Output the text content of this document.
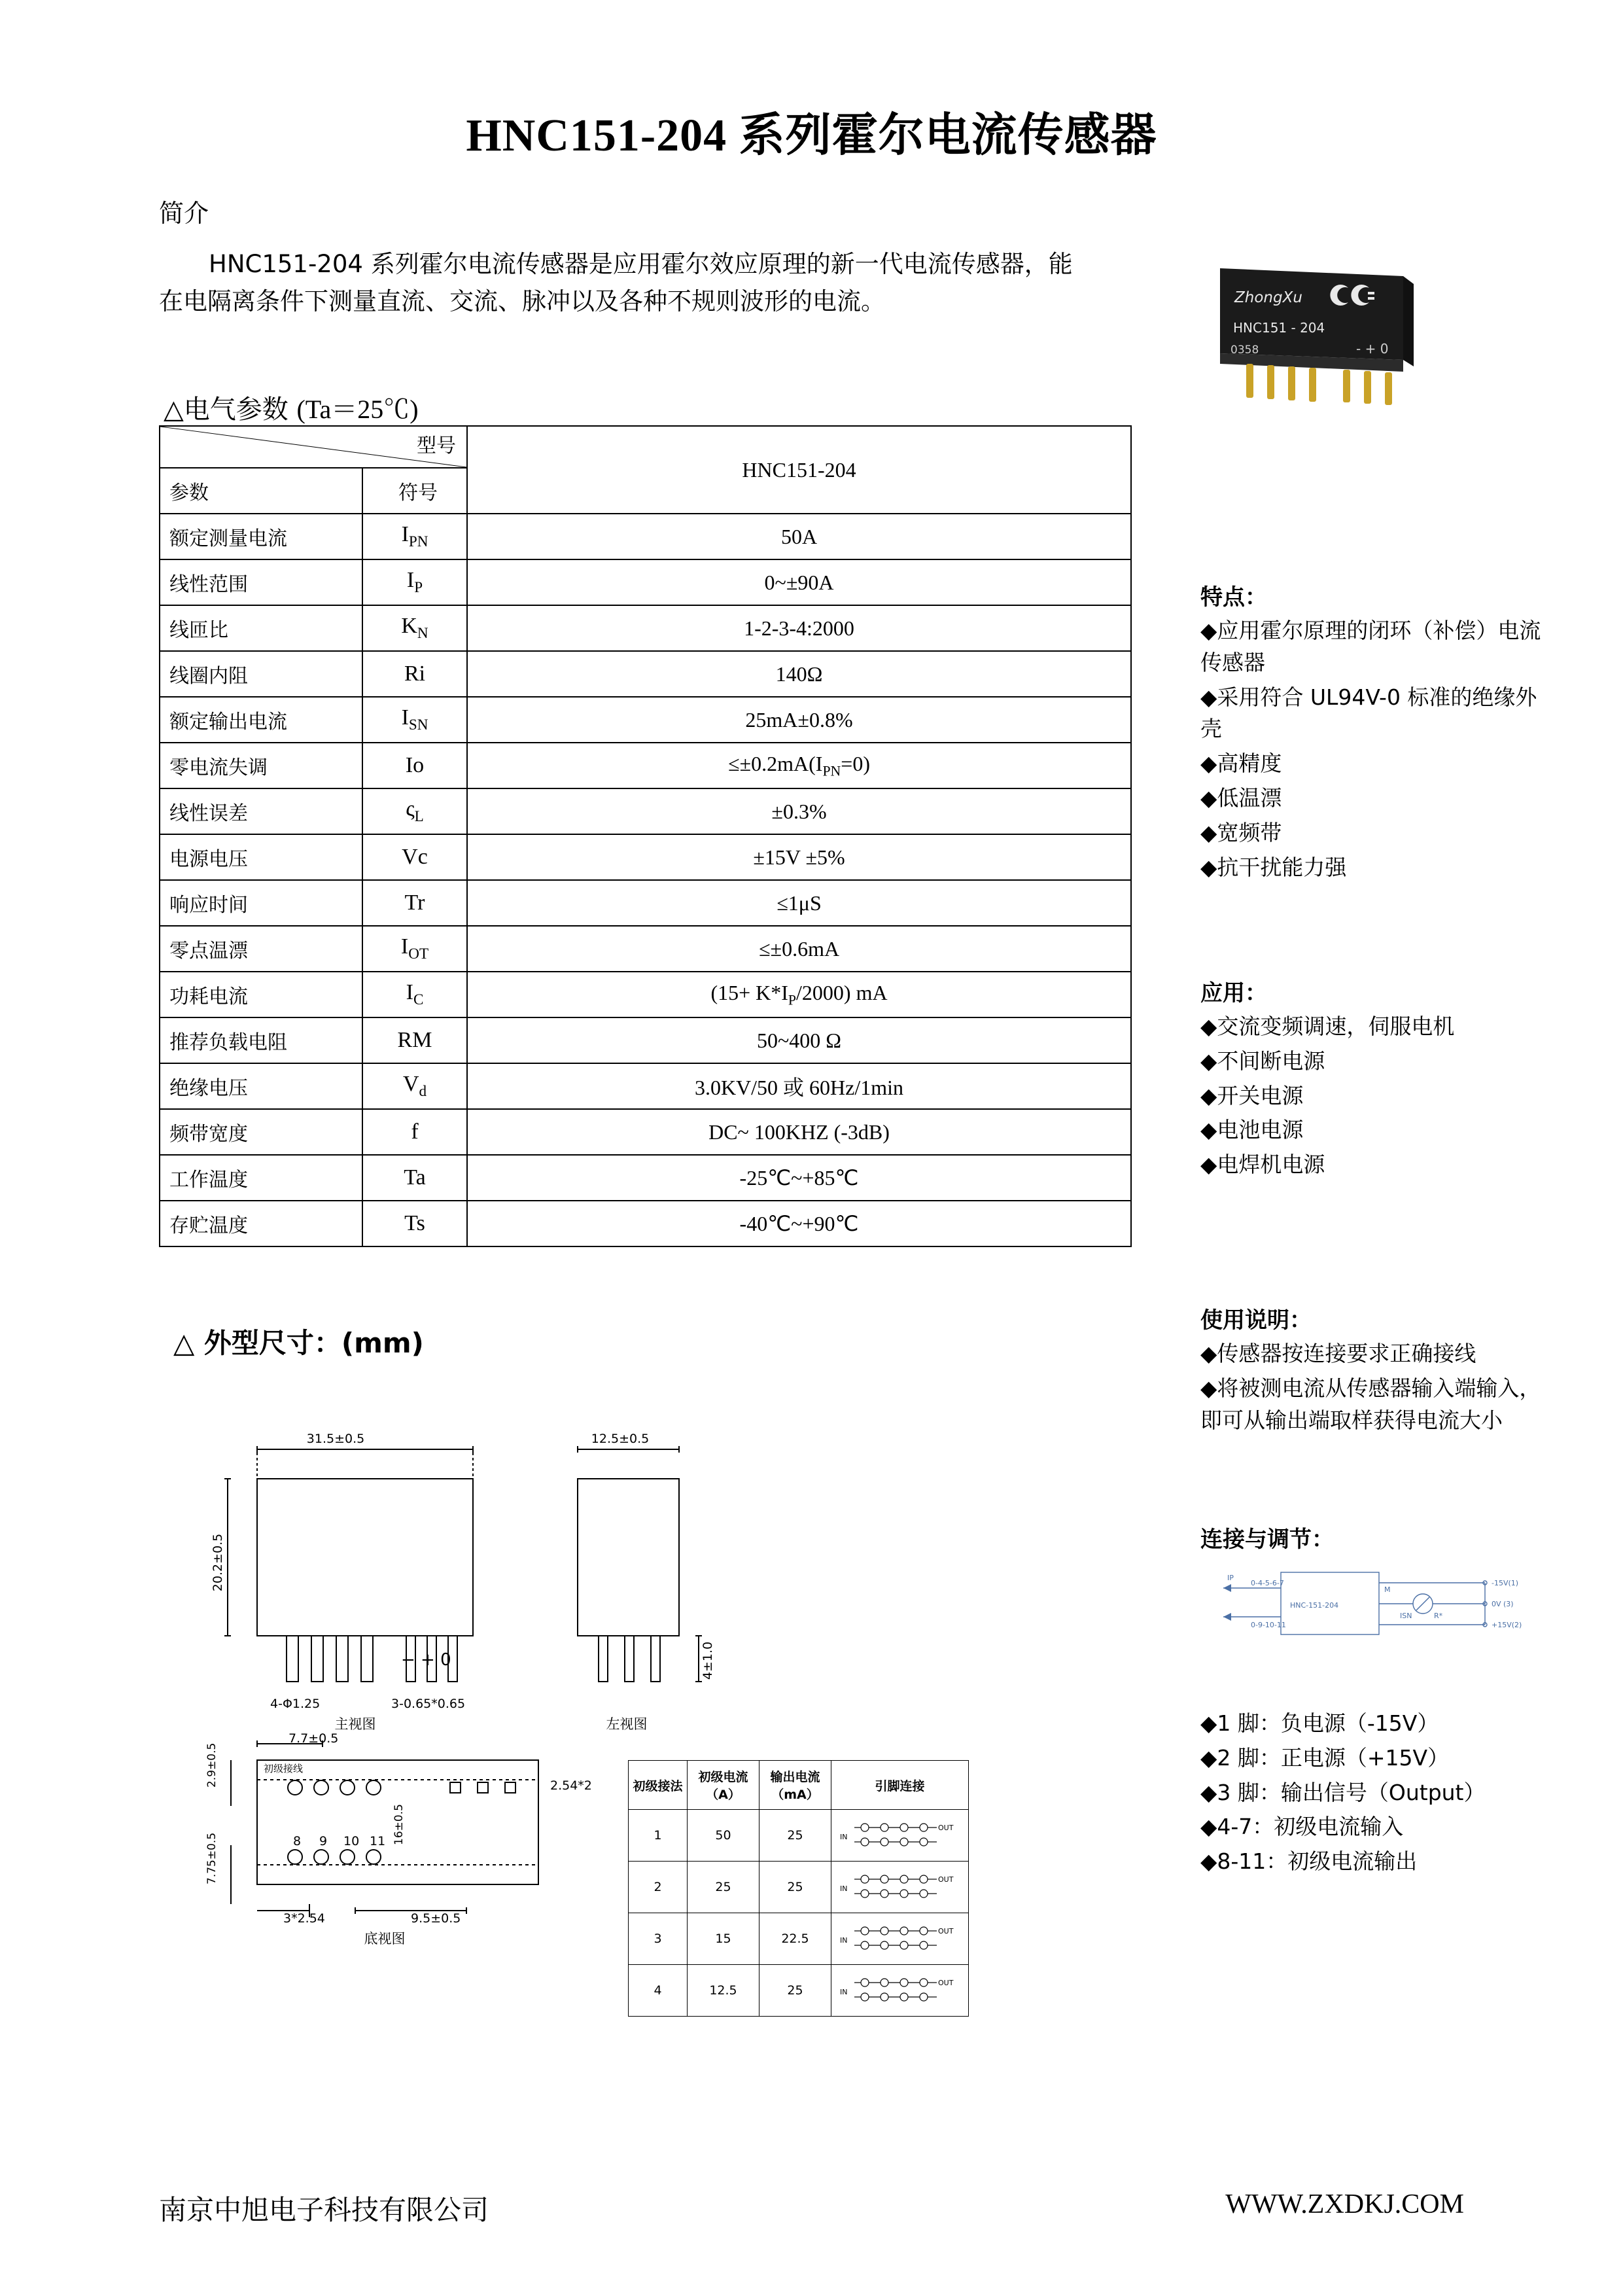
HNC151-204 系列霍尔电流传感器
简介
HNC151-204 系列霍尔电流传感器是应用霍尔效应原理的新一代电流传感器，能在电隔离条件下测量直流、交流、脉冲以及各种不规则波形的电流。	ZhongXu
HNC151 - 204
0358	- + 0
△电气参数 (Ta＝25℃)
型号		HNC151-204
参数	符号	
额定测量电流	$I_{PN}$	50A
线性范围	$I_P$	0~±90A
线匝比	$K_N$	1-2-3-4:2000
线圈内阻	Ri	140Ω
额定输出电流	$I_{SN}$	25mA±0.8%
零电流失调	Io	$\le\pm 0.2mA(I_{PN}=0)$
线性误差	$\varsigma_L$	±0.3%
电源电压	Vc	±15V ±5%
响应时间	Tr	≤1μS
零点温漂	$I_{OT}$	≤±0.6mA
功耗电流	$I_C$	$(15+ K*I_P/2000)$ mA
推荐负载电阻	RM	50~400 Ω
绝缘电压	$V_d$	3.0KV/50 或 60Hz/1min
频带宽度	f	DC~ 100KHZ (-3dB)
工作温度	Ta	-25℃~+85℃
存贮温度	Ts	-40℃~+90℃
△ 外型尺寸：(mm)
31.5±0.5	12.5±0.5
20.2±0.5
4±1.0
4-Φ1.25	3-0.65*0.65
主视图	左视图
底视图
7.7±0.5
2.9±0.5
7.75±0.5
3*2.54	9.5±0.5
2.54*2
16±0.5
初级接线
8 9 10 11
− + 0
初级接法	初级电流（A）	输出电流（mA）	引脚连接
1	50	25	IN
OUT

2	25	25	IN
OUT

3	15	22.5	IN
OUT

4	12.5	25	IN
OUT
特点：
◆应用霍尔原理的闭环（补偿）电流传感器
◆采用符合 UL94V-0 标准的绝缘外壳
◆高精度
◆低温漂
◆宽频带
◆抗干扰能力强
应用：
◆交流变频调速，伺服电机
◆不间断电源
◆开关电源
◆电池电源
◆电焊机电源
使用说明：
◆传感器按连接要求正确接线
◆将被测电流从传感器输入端输入，即可从输出端取样获得电流大小
连接与调节：
IP
0-4-5-6-7
0-9-10-11
HNC-151-204
M
ISN	R*
-15V(1)
0V (3)
+15V(2)
◆1 脚：负电源（-15V）
◆2 脚：正电源（+15V）
◆3 脚：输出信号（Output）
◆4-7：初级电流输入
◆8-11：初级电流输出
南京中旭电子科技有限公司	WWW.ZXDKJ.COM
